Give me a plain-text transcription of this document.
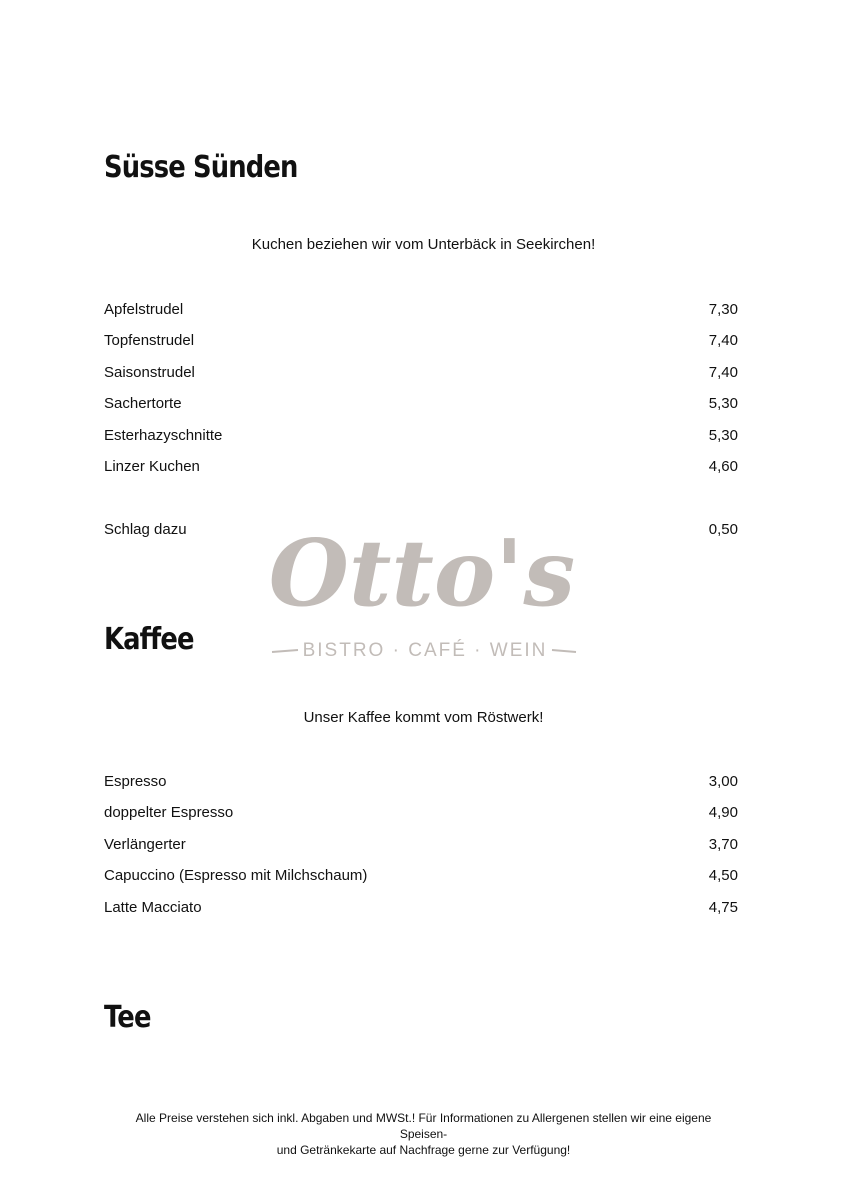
Süsse Sünden
Kuchen beziehen wir vom Unterbäck in Seekirchen!
Apfelstrudel	7,30
Topfenstrudel	7,40
Saisonstrudel	7,40
Sachertorte	5,30
Esterhazyschnitte	5,30
Linzer Kuchen	4,60
Schlag dazu	0,50
Otto's
BISTRO · CAFÉ · WEIN
Kaffee
Unser Kaffee kommt vom Röstwerk!
Espresso	3,00
doppelter Espresso	4,90
Verlängerter	3,70
Capuccino (Espresso mit Milchschaum)	4,50
Latte Macciato	4,75
Tee
Alle Preise verstehen sich inkl. Abgaben und MWSt.! Für Informationen zu Allergenen stellen wir eine eigene
Speisen-
und Getränkekarte auf Nachfrage gerne zur Verfügung!
